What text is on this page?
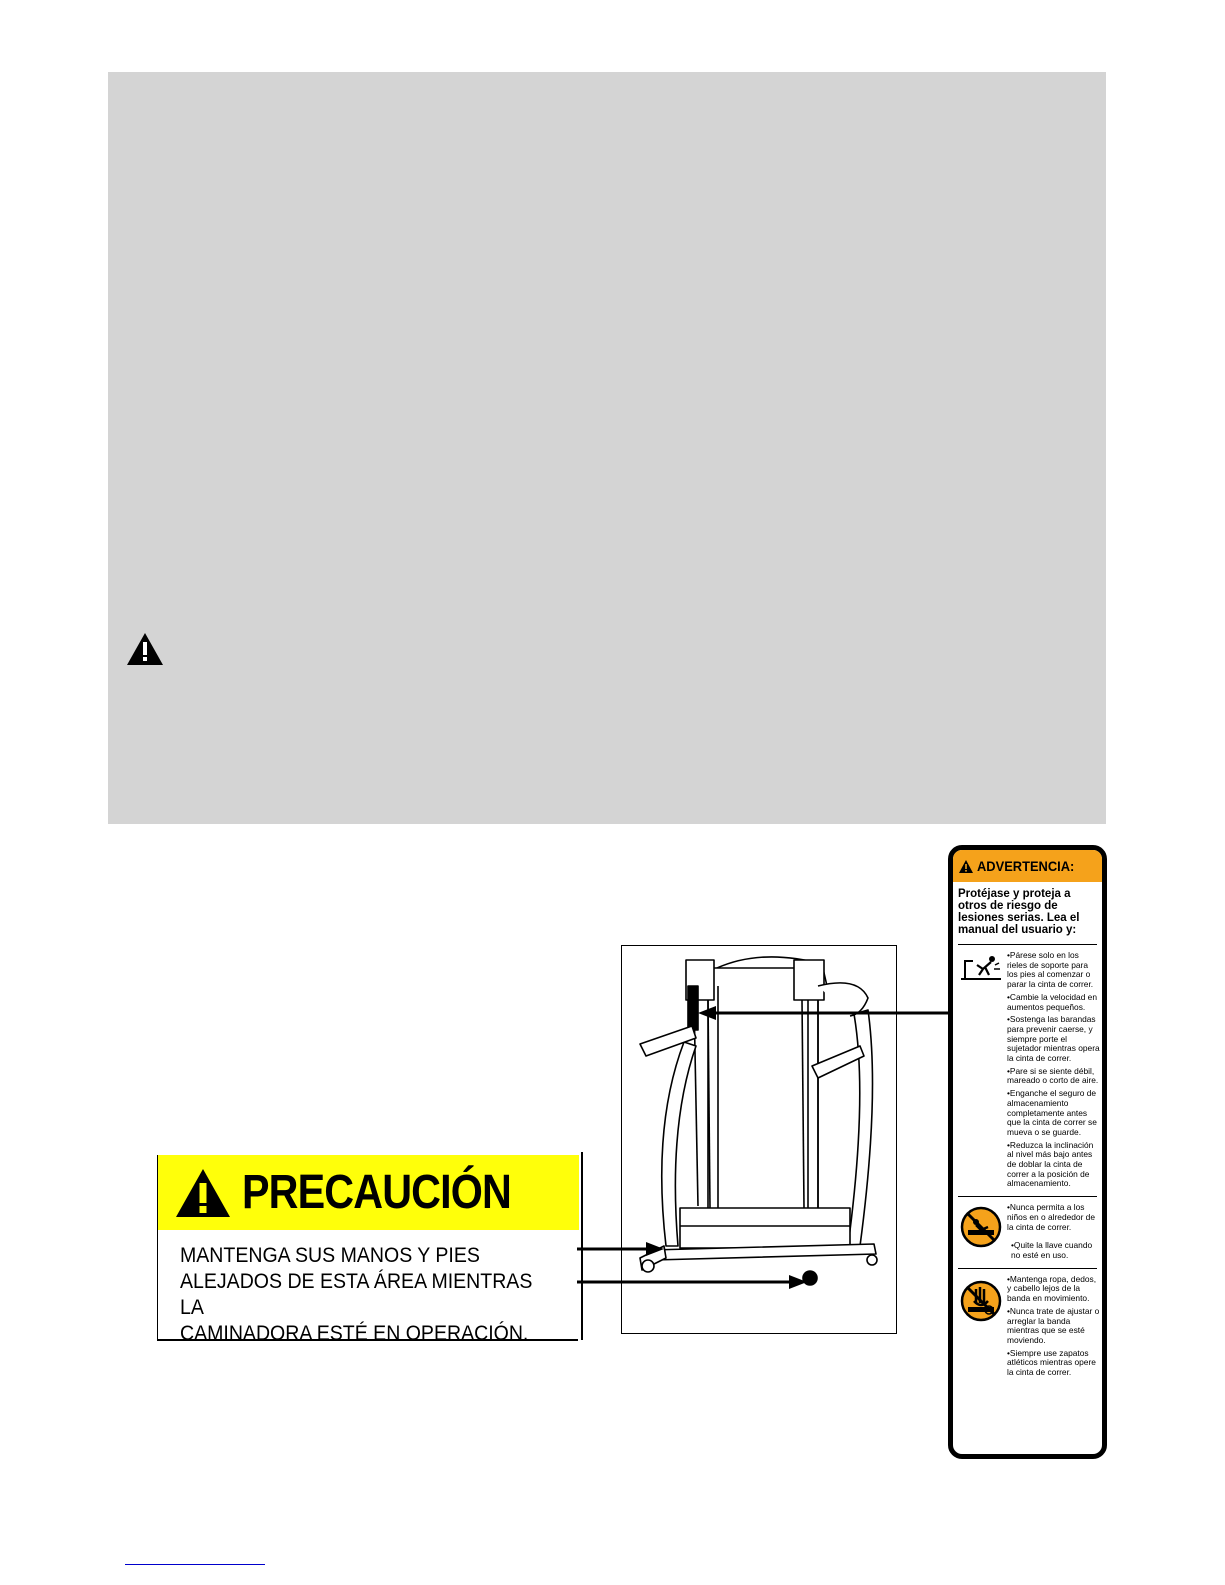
PRECAUCIÓN
MANTENGA SUS MANOS Y PIES
ALEJADOS DE ESTA ÁREA MIENTRAS LA
CAMINADORA ESTÉ EN OPERACIÓN.
ADVERTENCIA:
Protéjase y proteja a otros de riesgo de lesiones serias. Lea el manual del usuario y:
•Párese solo en los rieles de soporte para los pies al comenzar o parar la cinta de correr.
•Cambie la velocidad en aumentos pequeños.
•Sostenga las barandas para prevenir caerse, y siempre porte el sujetador mientras opera la cinta de correr.
•Pare si se siente débil, mareado o corto de aire.
•Enganche el seguro de almacenamiento completamente antes que la cinta de correr se mueva o se guarde.
•Reduzca la inclinación al nivel más bajo antes de doblar la cinta de correr a la posición de almacenamiento.
•Nunca permita a los niños en o alrededor de la cinta de correr.
•Quite la llave cuando no esté en uso.
•Mantenga ropa, dedos, y cabello lejos de la banda en movimiento.
•Nunca trate de ajustar o arreglar la banda mientras que se esté moviendo.
•Siempre use zapatos atléticos mientras opere la cinta de correr.
